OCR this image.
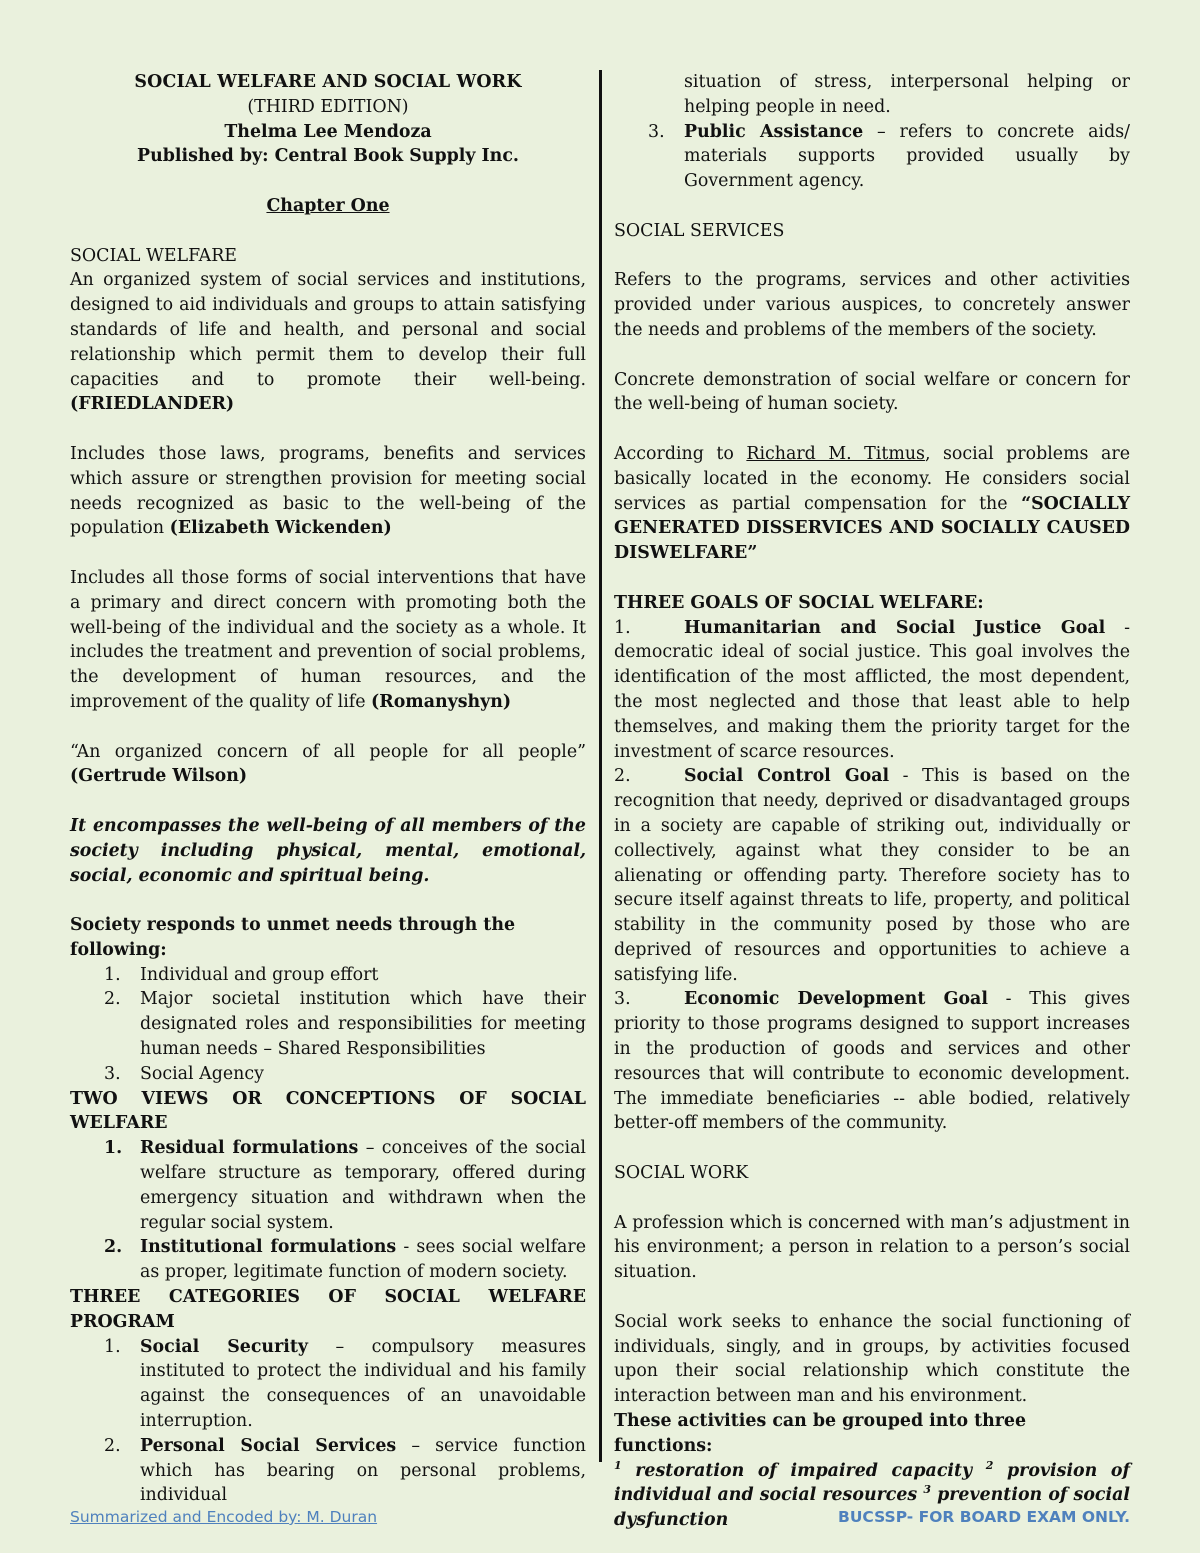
SOCIAL WELFARE AND SOCIAL WORK
(THIRD EDITION)
Thelma Lee Mendoza
Published by: Central Book Supply Inc.
Chapter One
SOCIAL WELFARE

An organized system of social services and institutions, designed to aid individuals and groups to attain satisfying standards of life and health, and personal and social relationship which permit them to develop their full capacities and to promote their well-being.(FRIEDLANDER)

Includes those laws, programs, benefits and services which assure or strengthen provision for meeting social needs recognized as basic to the well-being of the population (Elizabeth Wickenden)

Includes all those forms of social interventions that have a primary and direct concern with promoting both the well-being of the individual and the society as a whole. It includes the treatment and prevention of social problems, the development of human resources, and the improvement of the quality of life (Romanyshyn)

“An organized concern of all people for all people” (Gertrude Wilson)

It encompasses the well-being of all members of the society including physical, mental, emotional, social, economic and spiritual being.

Society responds to unmet needs through the following:
1. Individual and group effort
2. Major societal institution which have their designated roles and responsibilities for meeting human needs – Shared Responsibilities
3. Social Agency
TWO VIEWS OR CONCEPTIONS OF SOCIAL WELFARE
1. Residual formulations – conceives of the social welfare structure as temporary, offered during emergency situation and withdrawn when the regular social system.
2. Institutional formulations - sees social welfare as proper, legitimate function of modern society.
THREE CATEGORIES OF SOCIAL WELFARE PROGRAM
1. Social Security – compulsory measures instituted to protect the individual and his family against the consequences of an unavoidable interruption.
2. Personal Social Services – service function which has bearing on personal problems, individual

situation of stress, interpersonal helping or helping people in need.

3. Public Assistance – refers to concrete aids/ materials supports provided usually by Government agency.
SOCIAL SERVICES

Refers to the programs, services and other activities provided under various auspices, to concretely answer the needs and problems of the members of the society.

Concrete demonstration of social welfare or concern for the well-being of human society.

According to Richard M. Titmus, social problems are basically located in the economy. He considers social services as partial compensation for the “SOCIALLY GENERATED DISSERVICES AND SOCIALLY CAUSED DISWELFARE”

THREE GOALS OF SOCIAL WELFARE:

1.	Humanitarian and Social Justice Goal - democratic ideal of social justice. This goal involves the identification of the most afflicted, the most dependent, the most neglected and those that least able to help themselves, and making them the priority target for the investment of scarce resources.

2.	Social Control Goal - This is based on the recognition that needy, deprived or disadvantaged groups in a society are capable of striking out, individually or collectively, against what they consider to be an alienating or offending party. Therefore society has to secure itself against threats to life, property, and political stability in the community posed by those who are deprived of resources and opportunities to achieve a satisfying life.

3.	Economic Development Goal - This gives priority to those programs designed to support increases in the production of goods and services and other resources that will contribute to economic development. The immediate beneficiaries -- able bodied, relatively better-off members of the community.

SOCIAL WORK

A profession which is concerned with man’s adjustment in his environment; a person in relation to a person’s social situation.

Social work seeks to enhance the social functioning of individuals, singly, and in groups, by activities focused upon their social relationship which constitute the interaction between man and his environment.

These activities can be grouped into three functions:

$^1$ restoration of impaired capacity $^2$ provision of individual and social resources $^3$ prevention of social dysfunction

Summarized and Encoded by: M. Duran	BUCSSP- FOR BOARD EXAM ONLY.
